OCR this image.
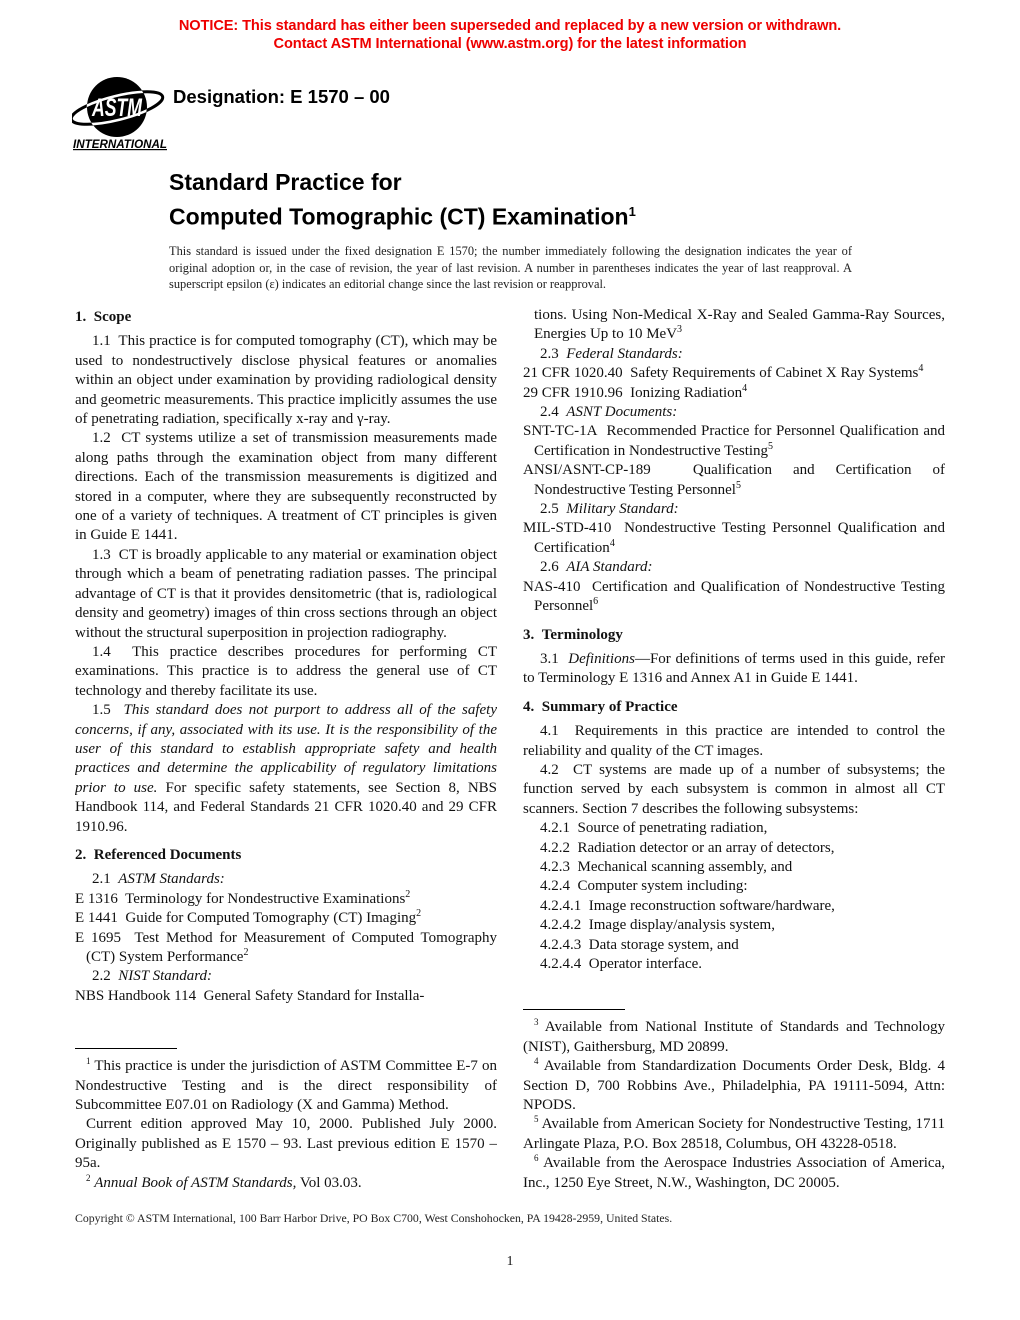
NOTICE: This standard has either been superseded and replaced by a new version or withdrawn.
Contact ASTM International (www.astm.org) for the latest information
ASTM
INTERNATIONAL
Designation: E 1570 – 00
Standard Practice for
Computed Tomographic (CT) Examination$^1$
This standard is issued under the fixed designation E 1570; the number immediately following the designation indicates the year of original adoption or, in the case of revision, the year of last revision. A number in parentheses indicates the year of last reapproval. A superscript epsilon (ε) indicates an editorial change since the last revision or reapproval.
1.  Scope
1.1  This practice is for computed tomography (CT), which may be used to nondestructively disclose physical features or anomalies within an object under examination by providing radiological density and geometric measurements. This practice implicitly assumes the use of penetrating radiation, specifically x-ray and γ-ray.
1.2  CT systems utilize a set of transmission measurements made along paths through the examination object from many different directions. Each of the transmission measurements is digitized and stored in a computer, where they are subsequently reconstructed by one of a variety of techniques. A treatment of CT principles is given in Guide E 1441.
1.3  CT is broadly applicable to any material or examination object through which a beam of penetrating radiation passes. The principal advantage of CT is that it provides densitometric (that is, radiological density and geometry) images of thin cross sections through an object without the structural superposition in projection radiography.
1.4  This practice describes procedures for performing CT examinations. This practice is to address the general use of CT technology and thereby facilitate its use.
1.5  This standard does not purport to address all of the safety concerns, if any, associated with its use. It is the responsibility of the user of this standard to establish appropriate safety and health practices and determine the applicability of regulatory limitations prior to use. For specific safety statements, see Section 8, NBS Handbook 114, and Federal Standards 21 CFR 1020.40 and 29 CFR 1910.96.
2.  Referenced Documents
2.1  ASTM Standards:
E 1316  Terminology for Nondestructive Examinations$^2$
E 1441  Guide for Computed Tomography (CT) Imaging$^2$
E 1695  Test Method for Measurement of Computed Tomography (CT) System Performance$^2$
2.2  NIST Standard:
NBS Handbook 114  General Safety Standard for Installa-
$^1$ This practice is under the jurisdiction of ASTM Committee E-7 on Nondestructive Testing and is the direct responsibility of Subcommittee E07.01 on Radiology (X and Gamma) Method.
Current edition approved May 10, 2000. Published July 2000. Originally published as E 1570 – 93. Last previous edition E 1570 – 95a.
$^2$ Annual Book of ASTM Standards, Vol 03.03.
tions. Using Non-Medical X-Ray and Sealed Gamma-Ray Sources, Energies Up to 10 MeV$^3$
2.3  Federal Standards:
21 CFR 1020.40  Safety Requirements of Cabinet X Ray Systems$^4$
29 CFR 1910.96  Ionizing Radiation$^4$
2.4  ASNT Documents:
SNT-TC-1A  Recommended Practice for Personnel Qualification and Certification in Nondestructive Testing$^5$
ANSI/ASNT-CP-189  Qualification and Certification of Nondestructive Testing Personnel$^5$
2.5  Military Standard:
MIL-STD-410  Nondestructive Testing Personnel Qualification and Certification$^4$
2.6  AIA Standard:
NAS-410  Certification and Qualification of Nondestructive Testing Personnel$^6$
3.  Terminology
3.1  Definitions—For definitions of terms used in this guide, refer to Terminology E 1316 and Annex A1 in Guide E 1441.
4.  Summary of Practice
4.1  Requirements in this practice are intended to control the reliability and quality of the CT images.
4.2  CT systems are made up of a number of subsystems; the function served by each subsystem is common in almost all CT scanners. Section 7 describes the following subsystems:
4.2.1  Source of penetrating radiation,
4.2.2  Radiation detector or an array of detectors,
4.2.3  Mechanical scanning assembly, and
4.2.4  Computer system including:
4.2.4.1  Image reconstruction software/hardware,
4.2.4.2  Image display/analysis system,
4.2.4.3  Data storage system, and
4.2.4.4  Operator interface.
$^3$ Available from National Institute of Standards and Technology (NIST), Gaithersburg, MD 20899.
$^4$ Available from Standardization Documents Order Desk, Bldg. 4 Section D, 700 Robbins Ave., Philadelphia, PA 19111-5094, Attn: NPODS.
$^5$ Available from American Society for Nondestructive Testing, 1711 Arlingate Plaza, P.O. Box 28518, Columbus, OH 43228-0518.
$^6$ Available from the Aerospace Industries Association of America, Inc., 1250 Eye Street, N.W., Washington, DC 20005.
Copyright © ASTM International, 100 Barr Harbor Drive, PO Box C700, West Conshohocken, PA 19428-2959, United States.
1
